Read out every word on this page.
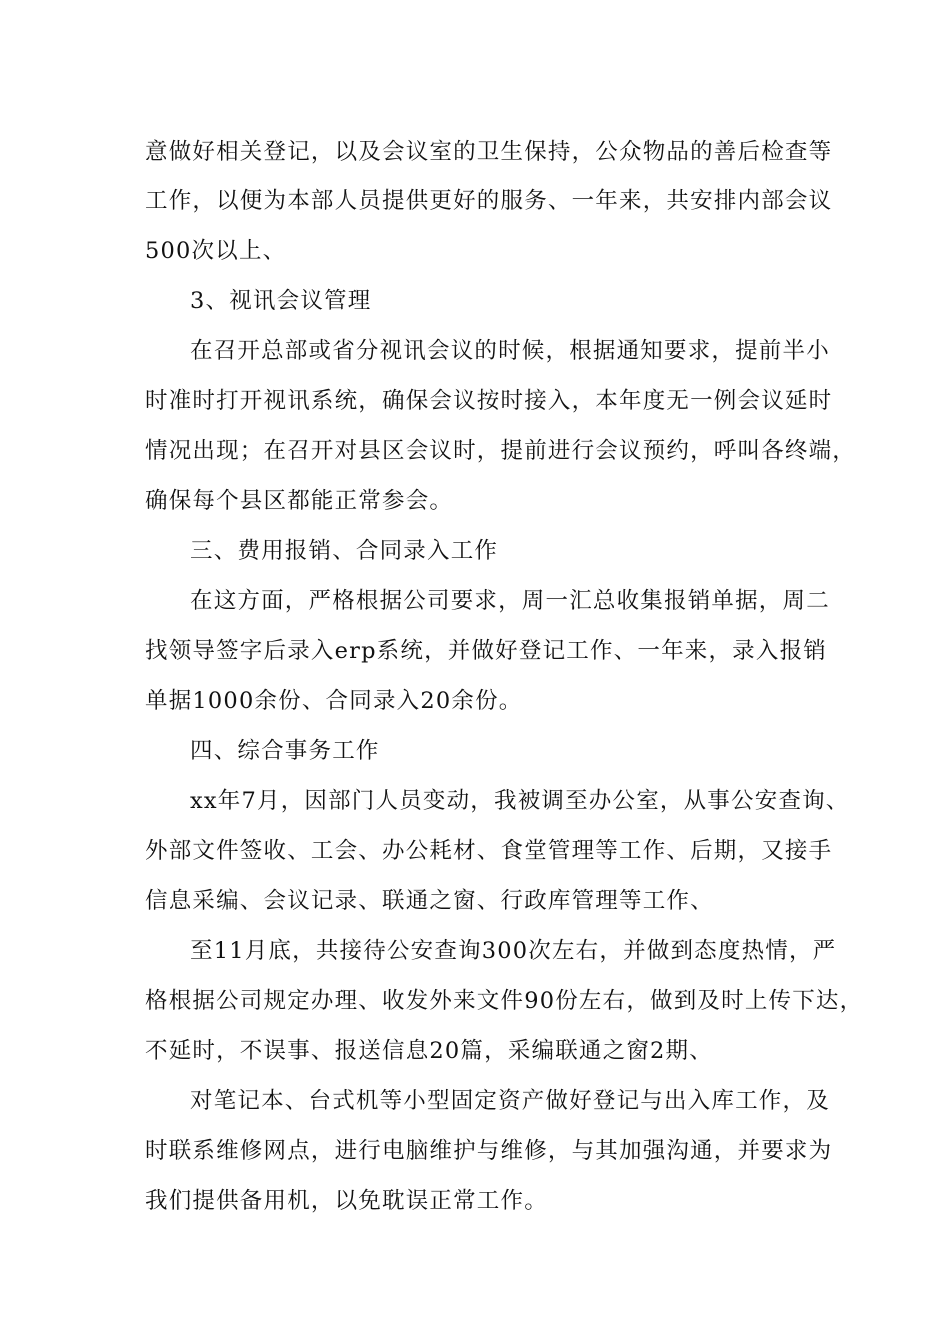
意做好相关登记，以及会议室的卫生保持，公众物品的善后检查等
工作，以便为本部人员提供更好的服务、一年来，共安排内部会议
500次以上、
3、视讯会议管理
在召开总部或省分视讯会议的时候，根据通知要求，提前半小
时准时打开视讯系统，确保会议按时接入，本年度无一例会议延时
情况出现；在召开对县区会议时，提前进行会议预约，呼叫各终端，
确保每个县区都能正常参会。
三、费用报销、合同录入工作
在这方面，严格根据公司要求，周一汇总收集报销单据，周二
找领导签字后录入erp系统，并做好登记工作、一年来，录入报销
单据1000余份、合同录入20余份。
四、综合事务工作
xx年7月，因部门人员变动，我被调至办公室，从事公安查询、
外部文件签收、工会、办公耗材、食堂管理等工作、后期，又接手
信息采编、会议记录、联通之窗、行政库管理等工作、
至11月底，共接待公安查询300次左右，并做到态度热情，严
格根据公司规定办理、收发外来文件90份左右，做到及时上传下达，
不延时，不误事、报送信息20篇，采编联通之窗2期、
对笔记本、台式机等小型固定资产做好登记与出入库工作，及
时联系维修网点，进行电脑维护与维修，与其加强沟通，并要求为
我们提供备用机，以免耽误正常工作。
